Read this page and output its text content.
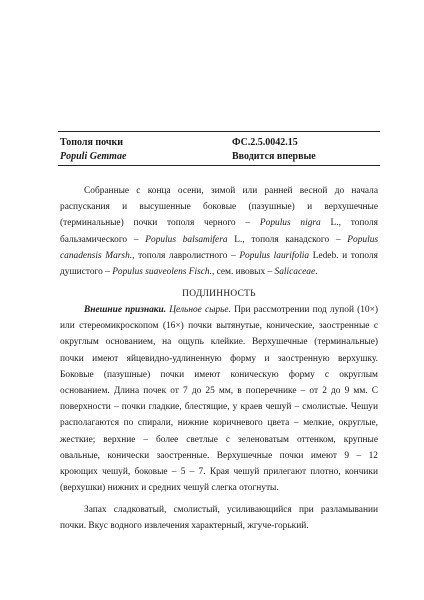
Тополя почки	ФС.2.5.0042.15
Populi Gemmae	Вводится впервые
Собранные с конца осени, зимой или ранней весной до начала
распускания и высушенные боковые (пазушные) и верхушечные
(терминальные) почки тополя черного – Populus nigra L., тополя
бальзамического – Populus balsamifera L., тополя канадского – Populus
canadensis Marsh., тополя лавролистного – Populus laurifolia Ledeb. и тополя
душистого – Populus suaveolens Fisch., сем. ивовых – Salicaceae.
ПОДЛИННОСТЬ
Внешние признаки. Цельное сырье. При рассмотрении под лупой (10×)
или стереомикроскопом (16×) почки вытянутые, конические, заостренные с
округлым основанием, на ощупь клейкие. Верхушечные (терминальные)
почки имеют яйцевидно-удлиненную форму и заостренную верхушку.
Боковые (пазушные) почки имеют коническую форму с округлым
основанием. Длина почек от 7 до 25 мм, в поперечнике – от 2 до 9 мм. С
поверхности – почки гладкие, блестящие, у краев чешуй – смолистые. Чешуи
располагаются по спирали, нижние коричневого цвета – мелкие, округлые,
жесткие; верхние – более светлые с зеленоватым оттенком, крупные
овальные, конически заостренные. Верхушечные почки имеют 9 – 12
кроющих чешуй, боковые – 5 – 7. Края чешуй прилегают плотно, кончики
(верхушки) нижних и средних чешуй слегка отогнуты.
Запах сладковатый, смолистый, усиливающийся при разламывании
почки. Вкус водного извлечения характерный, жгуче-горький.
